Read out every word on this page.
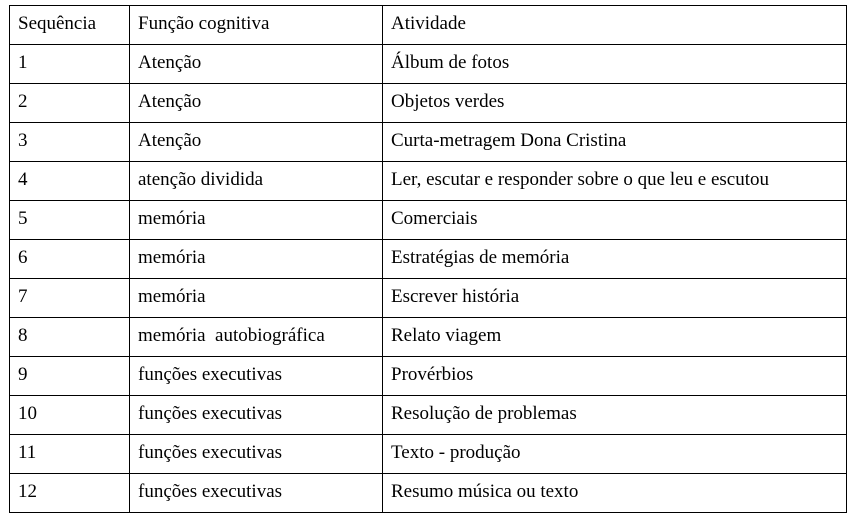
Sequência	Função cognitiva	Atividade
1	Atenção	Álbum de fotos
2	Atenção	Objetos verdes
3	Atenção	Curta-metragem Dona Cristina
4	atenção dividida	Ler, escutar e responder sobre o que leu e escutou
5	memória	Comerciais
6	memória	Estratégias de memória
7	memória	Escrever história
8	memória  autobiográfica	Relato viagem
9	funções executivas	Provérbios
10	funções executivas	Resolução de problemas
11	funções executivas	Texto - produção
12	funções executivas	Resumo música ou texto
